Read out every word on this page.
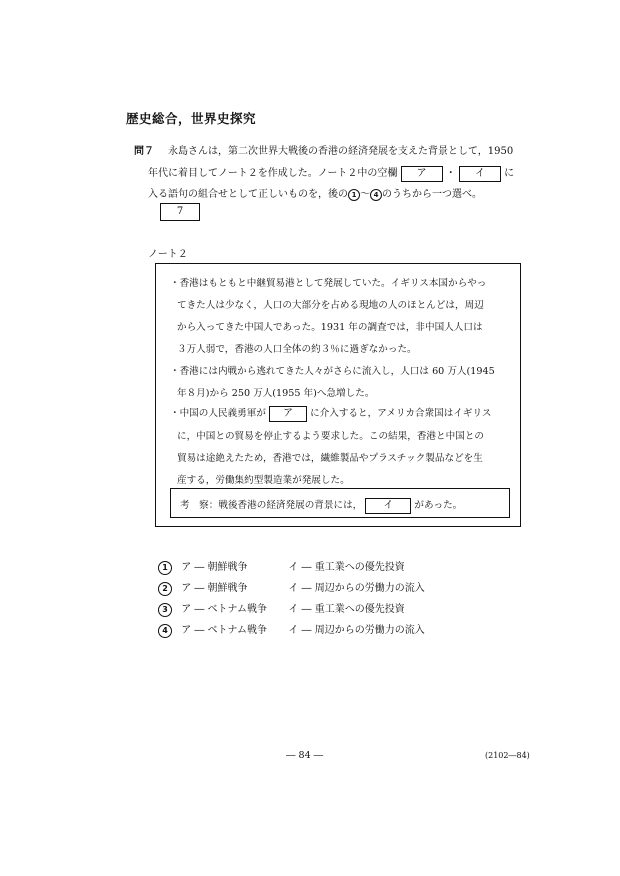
歴史総合，世界史探究
問７ 永島さんは，第二次世界大戦後の香港の経済発展を支えた背景として，1950
年代に着目してノート２を作成した。ノート２中の空欄 ア ・ イ に
入る語句の組合せとして正しいものを，後の 1 ～ 4 のうちから一つ選べ。
7
ノート２
・香港はもともと中継貿易港として発展していた。イギリス本国からやっ
てきた人は少なく，人口の大部分を占める現地の人のほとんどは，周辺
から入ってきた中国人であった。1931 年の調査では，非中国人人口は
３万人弱で，香港の人口全体の約３％に過ぎなかった。
・香港には内戦から逃れてきた人々がさらに流入し，人口は 60 万人(1945
年８月)から 250 万人(1955 年)へ急増した。
・中国の人民義勇軍が ア に介入すると，アメリカ合衆国はイギリス
に，中国との貿易を停止するよう要求した。この結果，香港と中国との
貿易は途絶えたため，香港では，繊維製品やプラスチック製品などを生
産する，労働集約型製造業が発展した。
考　察：戦後香港の経済発展の背景には， イ があった。
1 ア ― 朝鮮戦争	イ ― 重工業への優先投資
2 ア ― 朝鮮戦争	イ ― 周辺からの労働力の流入
3 ア ― ベトナム戦争 イ ― 重工業への優先投資
4 ア ― ベトナム戦争 イ ― 周辺からの労働力の流入
― 84 ―	(2102―84)
